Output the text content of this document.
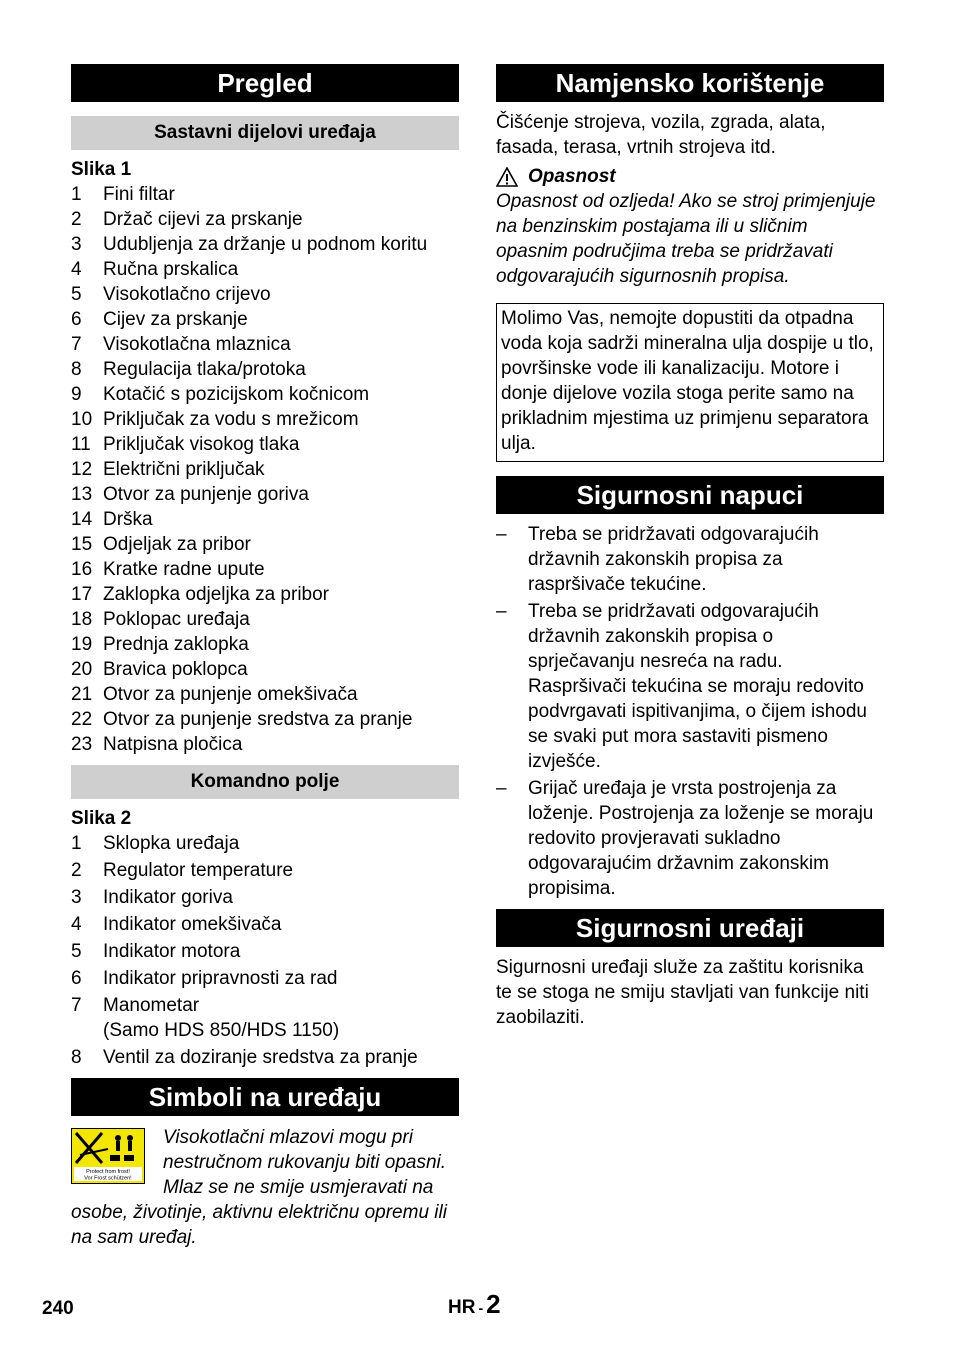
Pregled
Sastavni dijelovi uređaja
Slika 1
1	Fini filtar
2	Držač cijevi za prskanje
3	Udubljenja za držanje u podnom koritu
4	Ručna prskalica
5	Visokotlačno crijevo
6	Cijev za prskanje
7	Visokotlačna mlaznica
8	Regulacija tlaka/protoka
9	Kotačić s pozicijskom kočnicom
10 Priključak za vodu s mrežicom
11 Priključak visokog tlaka
12 Električni priključak
13 Otvor za punjenje goriva
14 Drška
15 Odjeljak za pribor
16 Kratke radne upute
17 Zaklopka odjeljka za pribor
18 Poklopac uređaja
19 Prednja zaklopka
20 Bravica poklopca
21 Otvor za punjenje omekšivača
22 Otvor za punjenje sredstva za pranje
23 Natpisna pločica
Komandno polje
Slika 2
1	Sklopka uređaja
2	Regulator temperature
3	Indikator goriva
4	Indikator omekšivača
5	Indikator motora
6	Indikator pripravnosti za rad
7	Manometar
(Samo HDS 850/HDS 1150)
8	Ventil za doziranje sredstva za pranje
Simboli na uređaju
Protect from frost!
Vor Frost schützen!

Visokotlačni mlazovi mogu pri nestručnom rukovanju biti opasni. Mlaz se ne smije usmjeravati na osobe, životinje, aktivnu električnu opremu ili na sam uređaj.

Namjensko korištenje

Čišćenje strojeva, vozila, zgrada, alata, fasada, terasa, vrtnih strojeva itd.

Opasnost

Opasnost od ozljeda! Ako se stroj primjenjuje na benzinskim postajama ili u sličnim opasnim područjima treba se pridržavati odgovarajućih sigurnosnih propisa.

Molimo Vas, nemojte dopustiti da otpadna voda koja sadrži mineralna ulja dospije u tlo, površinske vode ili kanalizaciju. Motore i donje dijelove vozila stoga perite samo na prikladnim mjestima uz primjenu separatora ulja.

Sigurnosni napuci
–	Treba se pridržavati odgovarajućih državnih zakonskih propisa za raspršivače tekućine.
–	Treba se pridržavati odgovarajućih državnih zakonskih propisa o sprječavanju nesreća na radu. Raspršivači tekućina se moraju redovito podvrgavati ispitivanjima, o čijem ishodu se svaki put mora sastaviti pismeno izvješće.
–	Grijač uređaja je vrsta postrojenja za loženje. Postrojenja za loženje se moraju redovito provjeravati sukladno odgovarajućim državnim zakonskim propisima.
Sigurnosni uređaji

Sigurnosni uređaji služe za zaštitu korisnika te se stoga ne smiju stavljati van funkcije niti zaobilaziti.

240	HR - 2
